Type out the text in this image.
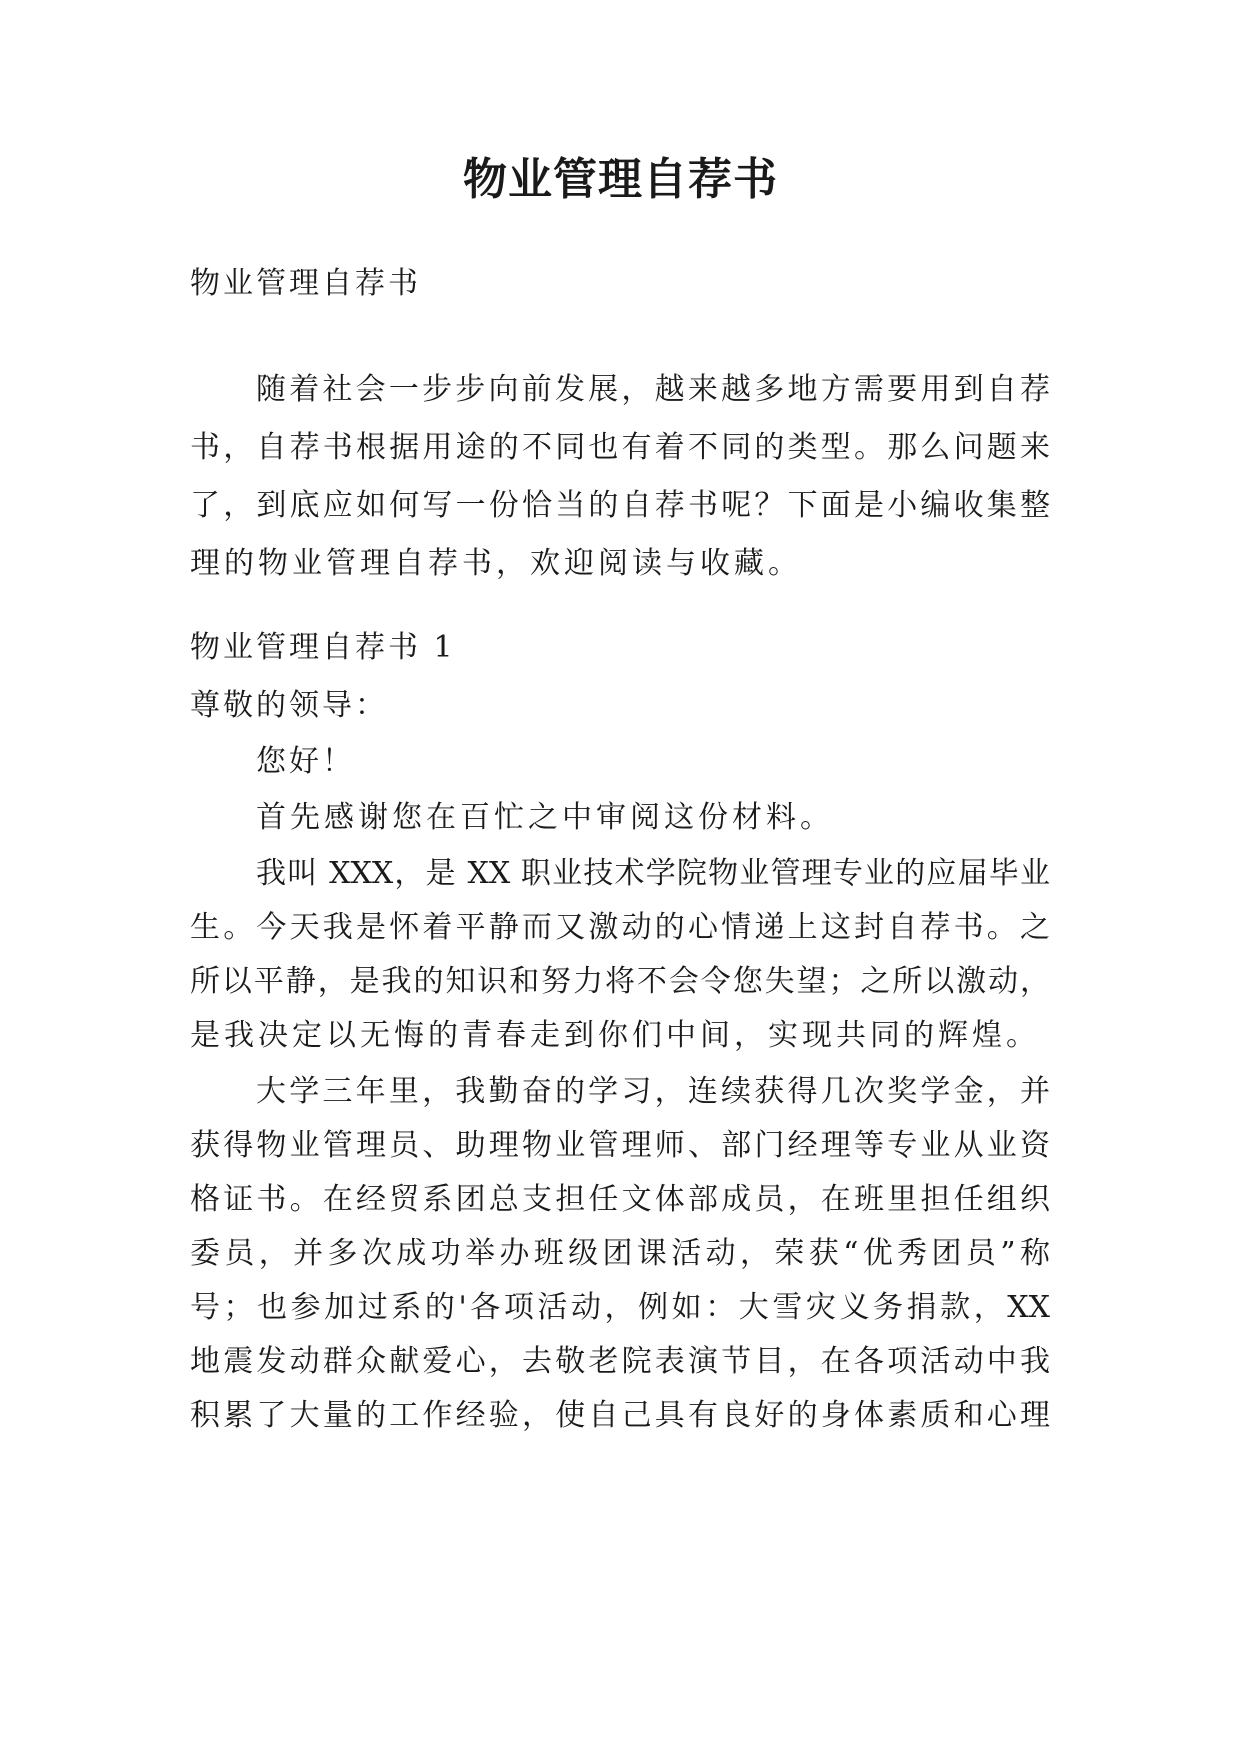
物业管理自荐书
物业管理自荐书
随着社会一步步向前发展，越来越多地方需要用到自荐
书，自荐书根据用途的不同也有着不同的类型。那么问题来
了，到底应如何写一份恰当的自荐书呢？下面是小编收集整
理的物业管理自荐书，欢迎阅读与收藏。
物业管理自荐书 1
尊敬的领导：
您好！
首先感谢您在百忙之中审阅这份材料。
我叫 XXX，是 XX 职业技术学院物业管理专业的应届毕业
生。今天我是怀着平静而又激动的心情递上这封自荐书。之
所以平静，是我的知识和努力将不会令您失望；之所以激动，
是我决定以无悔的青春走到你们中间，实现共同的辉煌。
大学三年里，我勤奋的学习，连续获得几次奖学金，并
获得物业管理员、助理物业管理师、部门经理等专业从业资
格证书。在经贸系团总支担任文体部成员，在班里担任组织
委员，并多次成功举办班级团课活动，荣获“优秀团员”称
号；也参加过系的'各项活动，例如：大雪灾义务捐款，XX
地震发动群众献爱心，去敬老院表演节目，在各项活动中我
积累了大量的工作经验，使自己具有良好的身体素质和心理
